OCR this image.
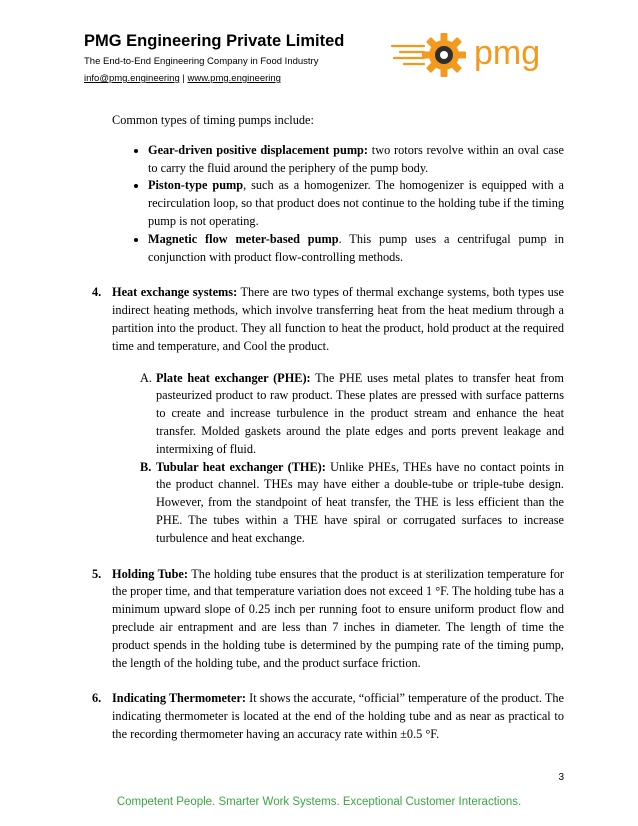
PMG Engineering Private Limited
The End-to-End Engineering Company in Food Industry
info@pmg.engineering | www.pmg.engineering
pmg

Common types of timing pumps include:

• Gear-driven positive displacement pump: two rotors revolve within an oval case to carry the fluid around the periphery of the pump body.
• Piston-type pump, such as a homogenizer. The homogenizer is equipped with a recirculation loop, so that product does not continue to the holding tube if the timing pump is not operating.
• Magnetic flow meter-based pump. This pump uses a centrifugal pump in conjunction with product flow-controlling methods.
4. Heat exchange systems: There are two types of thermal exchange systems, both types use indirect heating methods, which involve transferring heat from the heat medium through a partition into the product. They all function to heat the product, hold product at the required time and temperature, and Cool the product.
A. Plate heat exchanger (PHE): The PHE uses metal plates to transfer heat from pasteurized product to raw product. These plates are pressed with surface patterns to create and increase turbulence in the product stream and enhance the heat transfer. Molded gaskets around the plate edges and ports prevent leakage and intermixing of fluid.
B. Tubular heat exchanger (THE): Unlike PHEs, THEs have no contact points in the product channel. THEs may have either a double-tube or triple-tube design. However, from the standpoint of heat transfer, the THE is less efficient than the PHE. The tubes within a THE have spiral or corrugated surfaces to increase turbulence and heat exchange.
5. Holding Tube: The holding tube ensures that the product is at sterilization temperature for the proper time, and that temperature variation does not exceed 1 °F. The holding tube has a minimum upward slope of 0.25 inch per running foot to ensure uniform product flow and preclude air entrapment and are less than 7 inches in diameter. The length of time the product spends in the holding tube is determined by the pumping rate of the timing pump, the length of the holding tube, and the product surface friction.
6. Indicating Thermometer: It shows the accurate, “official” temperature of the product. The indicating thermometer is located at the end of the holding tube and as near as practical to the recording thermometer having an accuracy rate within ±0.5 °F.
3
Competent People. Smarter Work Systems. Exceptional Customer Interactions.
